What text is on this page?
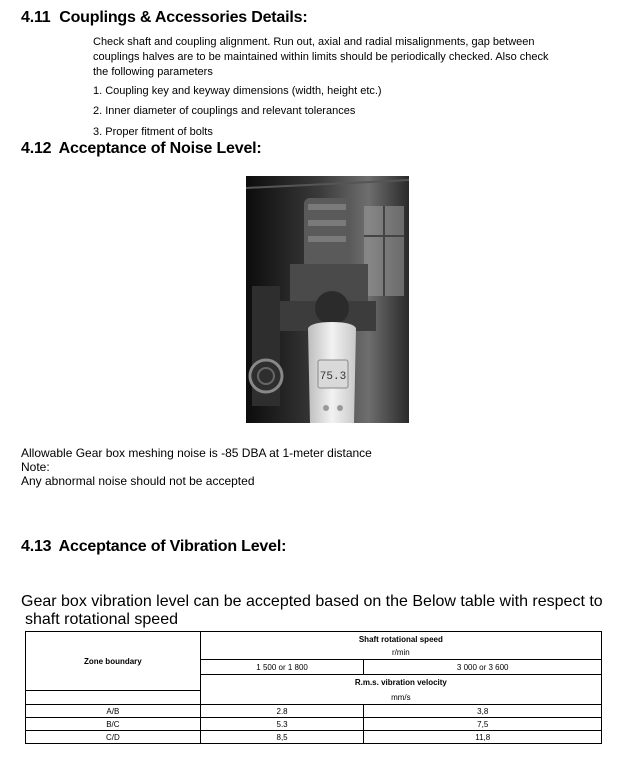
4.11 Couplings & Accessories Details:
Check shaft and coupling alignment. Run out, axial and radial misalignments, gap between
couplings halves are to be maintained within limits should be periodically checked. Also check
the following parameters
1. Coupling key and keyway dimensions (width, height etc.)
2. Inner diameter of couplings and relevant tolerances
3. Proper fitment of bolts
4.12 Acceptance of Noise Level:
75.3
Allowable Gear box meshing noise is -85 DBA at 1-meter distance
Note:
Any abnormal noise should not be accepted
4.13 Acceptance of Vibration Level:
Gear box vibration level can be accepted based on the Below table with respect to
shaft rotational speed
Zone boundary	Shaft rotational speed	
	r/min	
	1 500 or 1 800	3 000 or 3 600
	R.m.s. vibration velocity	
	mm/s	
A/B	2.8	3,8
B/C	5.3	7,5
C/D	8,5	11,8
